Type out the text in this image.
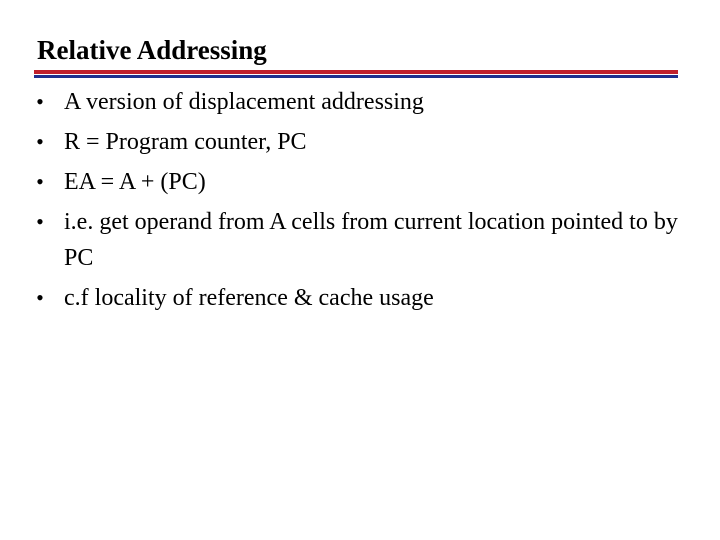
Relative Addressing
• A version of displacement addressing
• R = Program counter, PC
• EA = A + (PC)
• i.e. get operand from A cells from current location pointed to by PC
• c.f locality of reference & cache usage
